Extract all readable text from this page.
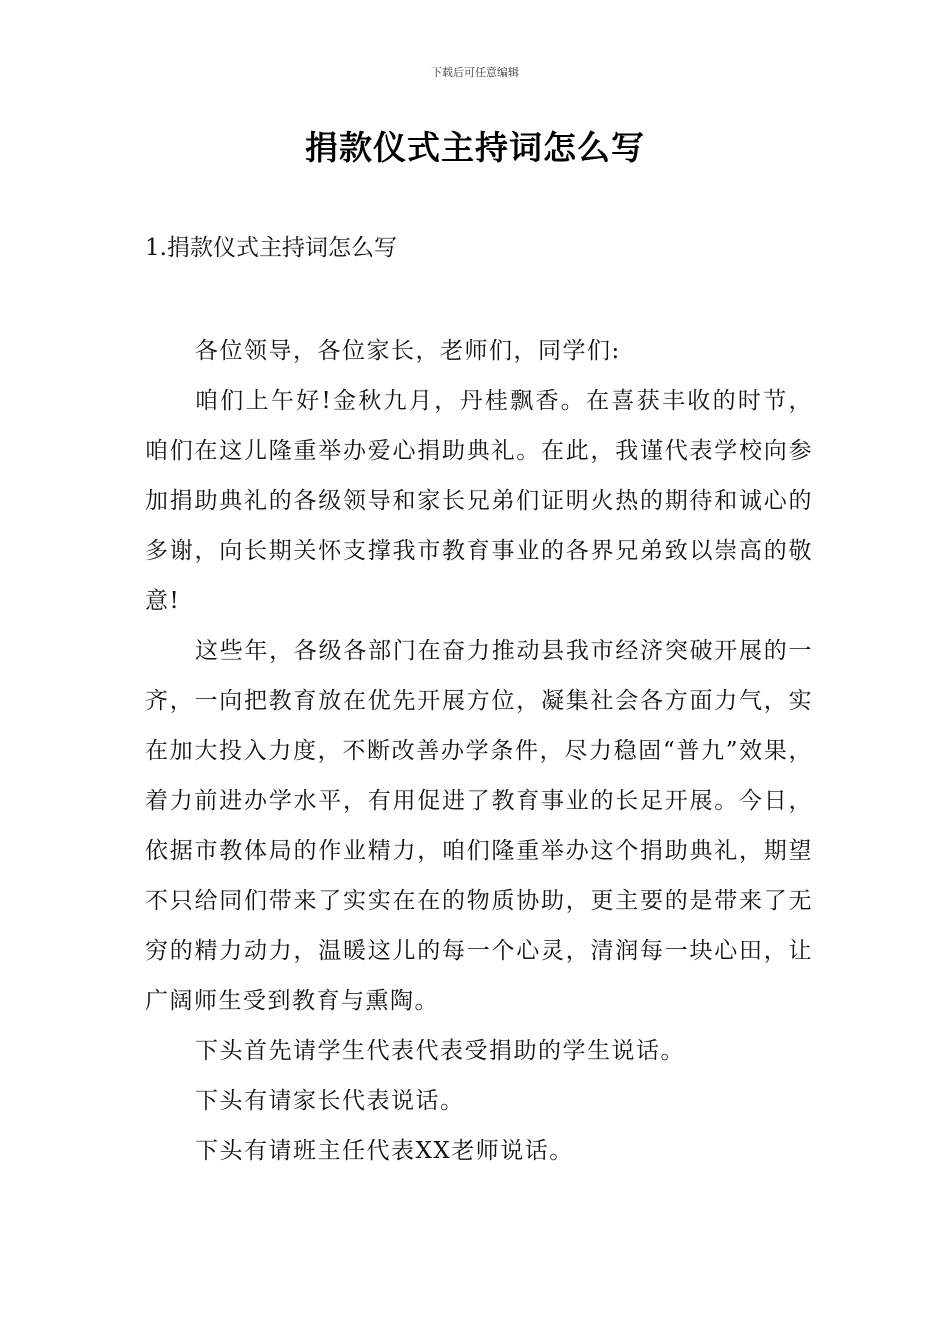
下载后可任意编辑
捐款仪式主持词怎么写
1.捐款仪式主持词怎么写

各位领导，各位家长，老师们，同学们:

咱们上午好!金秋九月，丹桂飘香。在喜获丰收的时节，咱们在这儿隆重举办爱心捐助典礼。在此，我谨代表学校向参加捐助典礼的各级领导和家长兄弟们证明火热的期待和诚心的多谢，向长期关怀支撑我市教育事业的各界兄弟致以崇高的敬意!

这些年，各级各部门在奋力推动县我市经济突破开展的一齐，一向把教育放在优先开展方位，凝集社会各方面力气，实在加大投入力度，不断改善办学条件，尽力稳固“普九”效果，着力前进办学水平，有用促进了教育事业的长足开展。今日，依据市教体局的作业精力，咱们隆重举办这个捐助典礼，期望不只给同们带来了实实在在的物质协助，更主要的是带来了无穷的精力动力，温暖这儿的每一个心灵，清润每一块心田，让广阔师生受到教育与熏陶。

下头首先请学生代表代表受捐助的学生说话。

下头有请家长代表说话。

下头有请班主任代表XX老师说话。
